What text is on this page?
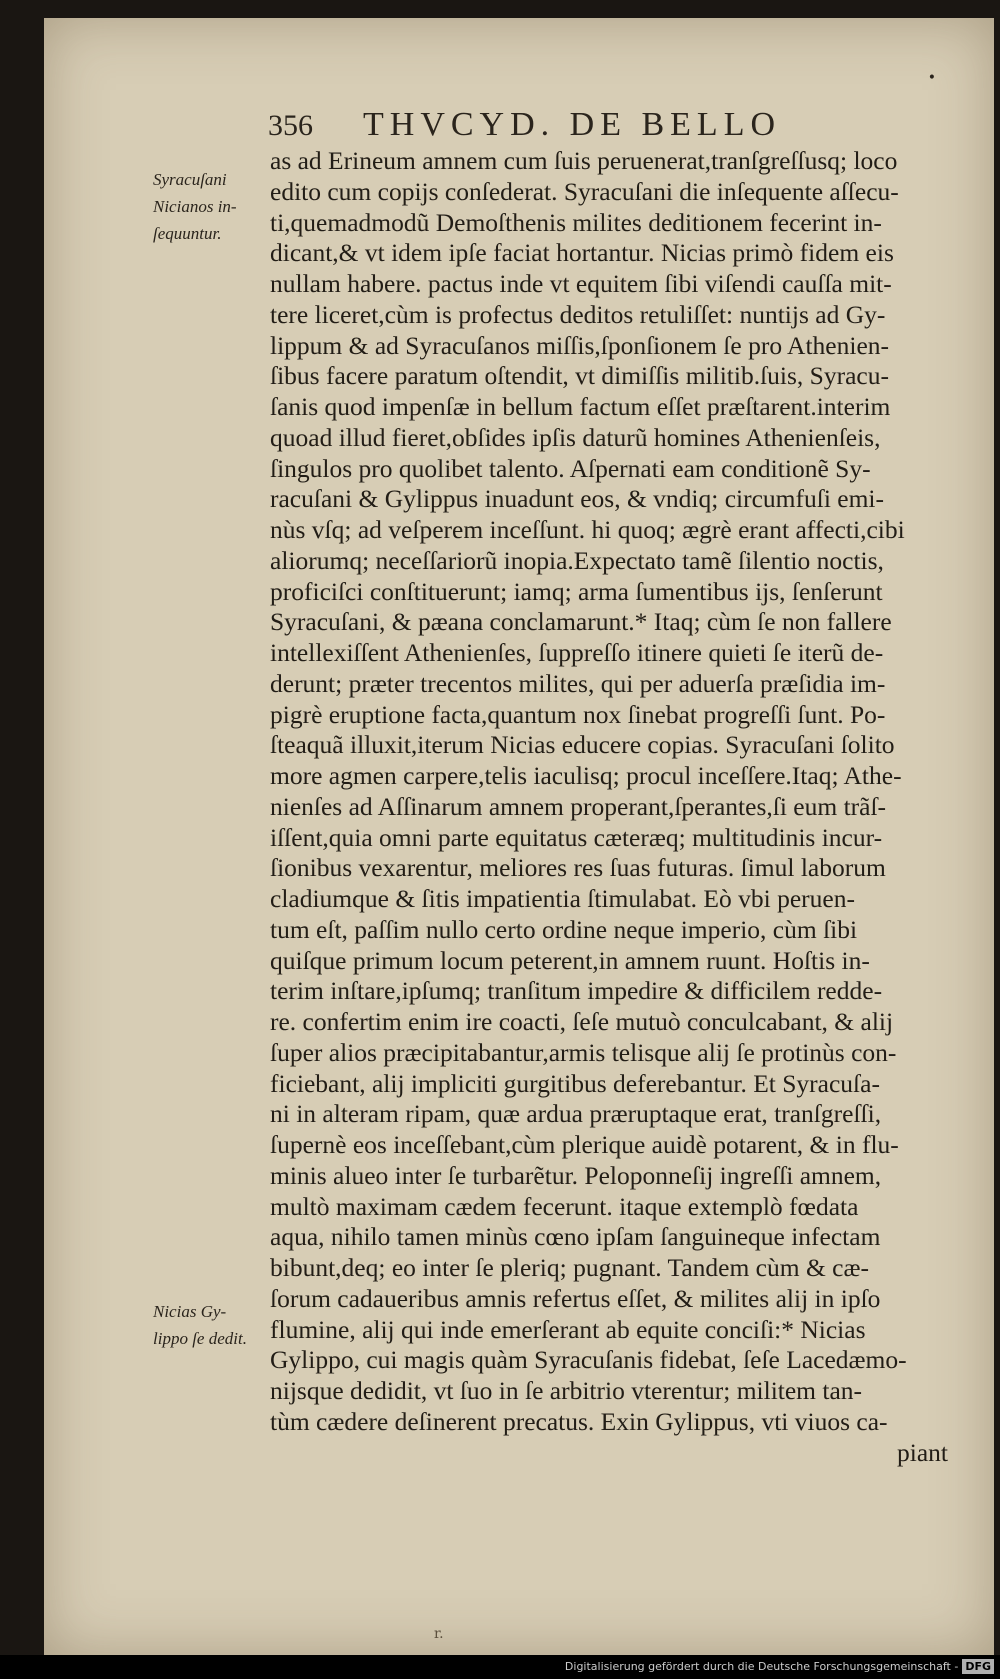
•
356 THVCYD. DE BELLO
Syracuſani
Nicianos in-
ſequuntur.
Nicias Gy-
lippo ſe dedit.
as ad Erineum amnem cum ſuis peruenerat,tranſgreſſusq; loco
edito cum copijs conſederat. Syracuſani die inſequente aſſecu-
ti,quemadmodũ Demoſthenis milites deditionem fecerint in-
dicant,& vt idem ipſe faciat hortantur. Nicias primò fidem eis
nullam habere. pactus inde vt equitem ſibi viſendi cauſſa mit-
tere liceret,cùm is profectus deditos retuliſſet: nuntijs ad Gy-
lippum & ad Syracuſanos miſſis,ſponſionem ſe pro Athenien-
ſibus facere paratum oſtendit, vt dimiſſis militib.ſuis, Syracu-
ſanis quod impenſæ in bellum factum eſſet præſtarent.interim
quoad illud fieret,obſides ipſis daturũ homines Athenienſeis,
ſingulos pro quolibet talento. Aſpernati eam conditionẽ Sy-
racuſani & Gylippus inuadunt eos, & vndiq; circumfuſi emi-
nùs vſq; ad veſperem inceſſunt. hi quoq; ægrè erant affecti,cibi
aliorumq; neceſſariorũ inopia.Expectato tamẽ ſilentio noctis,
proficiſci conſtituerunt; iamq; arma ſumentibus ijs, ſenſerunt
Syracuſani, & pæana conclamarunt.* Itaq; cùm ſe non fallere
intellexiſſent Athenienſes, ſuppreſſo itinere quieti ſe iterũ de-
derunt; præter trecentos milites, qui per aduerſa præſidia im-
pigrè eruptione facta,quantum nox ſinebat progreſſi ſunt. Po-
ſteaquã illuxit,iterum Nicias educere copias. Syracuſani ſolito
more agmen carpere,telis iaculisq; procul inceſſere.Itaq; Athe-
nienſes ad Aſſinarum amnem properant,ſperantes,ſi eum trãſ-
iſſent,quia omni parte equitatus cæteræq; multitudinis incur-
ſionibus vexarentur, meliores res ſuas futuras. ſimul laborum
cladiumque & ſitis impatientia ſtimulabat. Eò vbi peruen-
tum eſt, paſſim nullo certo ordine neque imperio, cùm ſibi
quiſque primum locum peterent,in amnem ruunt. Hoſtis in-
terim inſtare,ipſumq; tranſitum impedire & difficilem redde-
re. confertim enim ire coacti, ſeſe mutuò conculcabant, & alij
ſuper alios præcipitabantur,armis telisque alij ſe protinùs con-
ficiebant, alij impliciti gurgitibus deferebantur. Et Syracuſa-
ni in alteram ripam, quæ ardua præruptaque erat, tranſgreſſi,
ſupernè eos inceſſebant,cùm plerique auidè potarent, & in flu-
minis alueo inter ſe turbarẽtur. Peloponneſij ingreſſi amnem,
multò maximam cædem fecerunt. itaque extemplò fœdata
aqua, nihilo tamen minùs cœno ipſam ſanguineque infectam
bibunt,deq; eo inter ſe pleriq; pugnant. Tandem cùm & cæ-
ſorum cadaueribus amnis refertus eſſet, & milites alij in ipſo
flumine, alij qui inde emerſerant ab equite conciſi:* Nicias
Gylippo, cui magis quàm Syracuſanis fidebat, ſeſe Lacedæmo-
nijsque dedidit, vt ſuo in ſe arbitrio vterentur; militem tan-
tùm cædere deſinerent precatus. Exin Gylippus, vti viuos ca-
piant
r.
Digitalisierung gefördert durch die Deutsche Forschungsgemeinschaft - DFG
